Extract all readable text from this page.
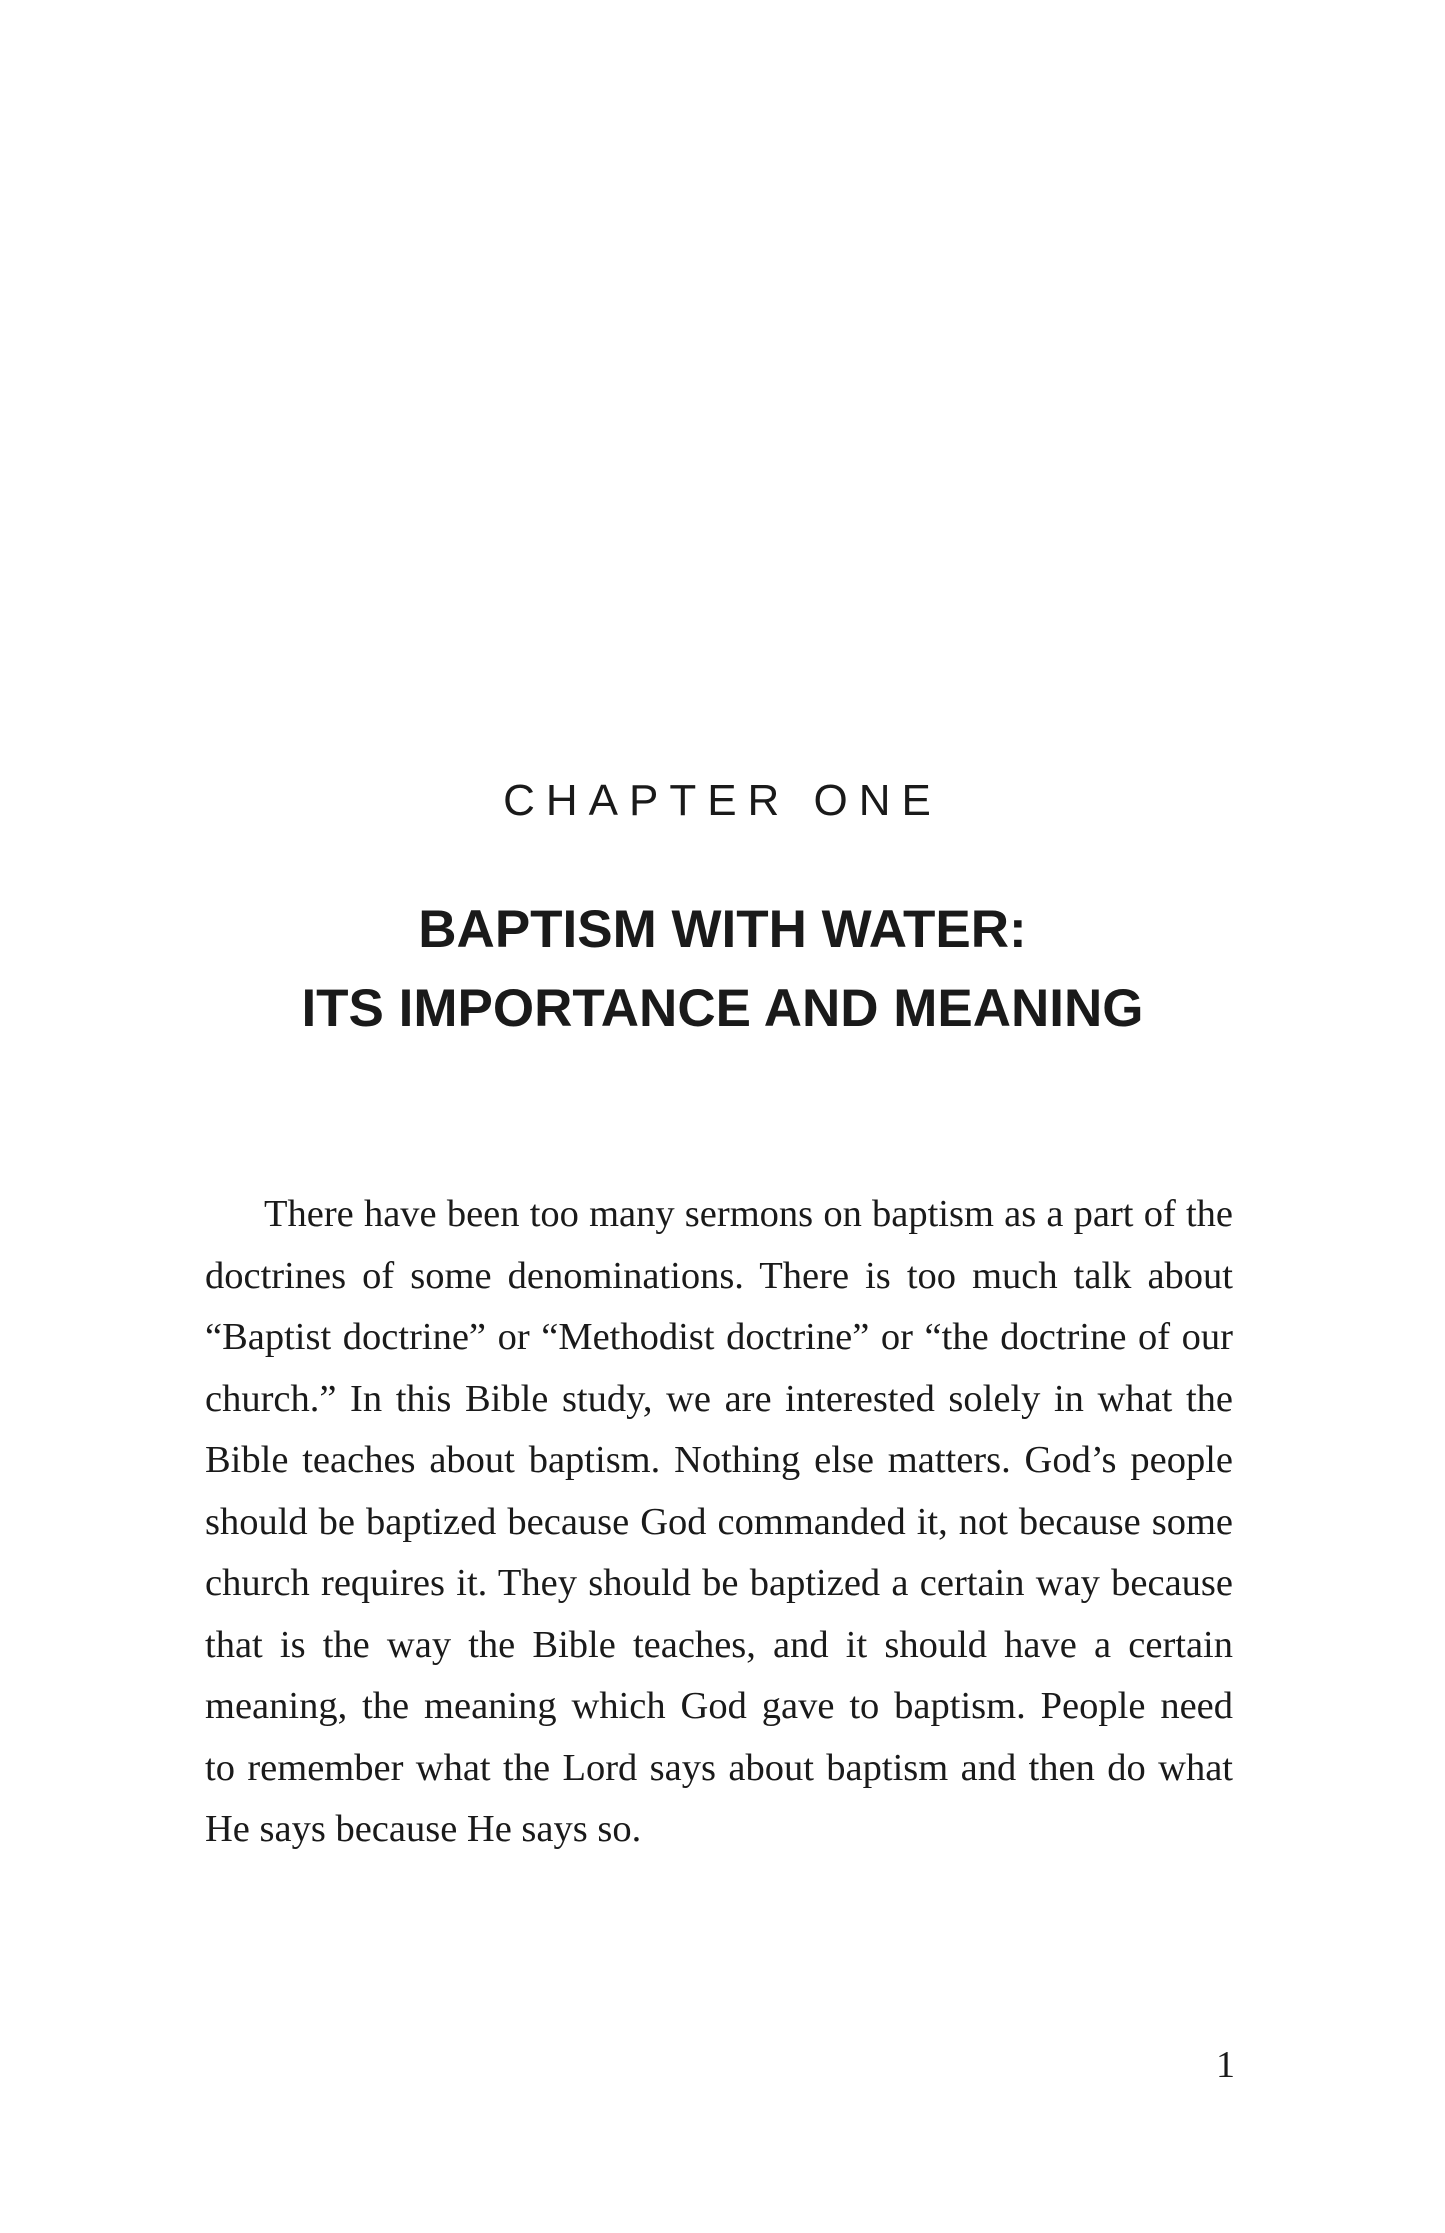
CHAPTER ONE
BAPTISM WITH WATER:
ITS IMPORTANCE AND MEANING

There have been too many sermons on baptism as a part of the
doctrines of some denominations. There is too much talk about
“Baptist doctrine” or “Methodist doctrine” or “the doctrine of our
church.” In this Bible study, we are interested solely in what the
Bible teaches about baptism. Nothing else matters. God’s people
should be baptized because God commanded it, not because some
church requires it. They should be baptized a certain way because
that is the way the Bible teaches, and it should have a certain
meaning, the meaning which God gave to baptism. People need
to remember what the Lord says about baptism and then do what
He says because He says so.

1
